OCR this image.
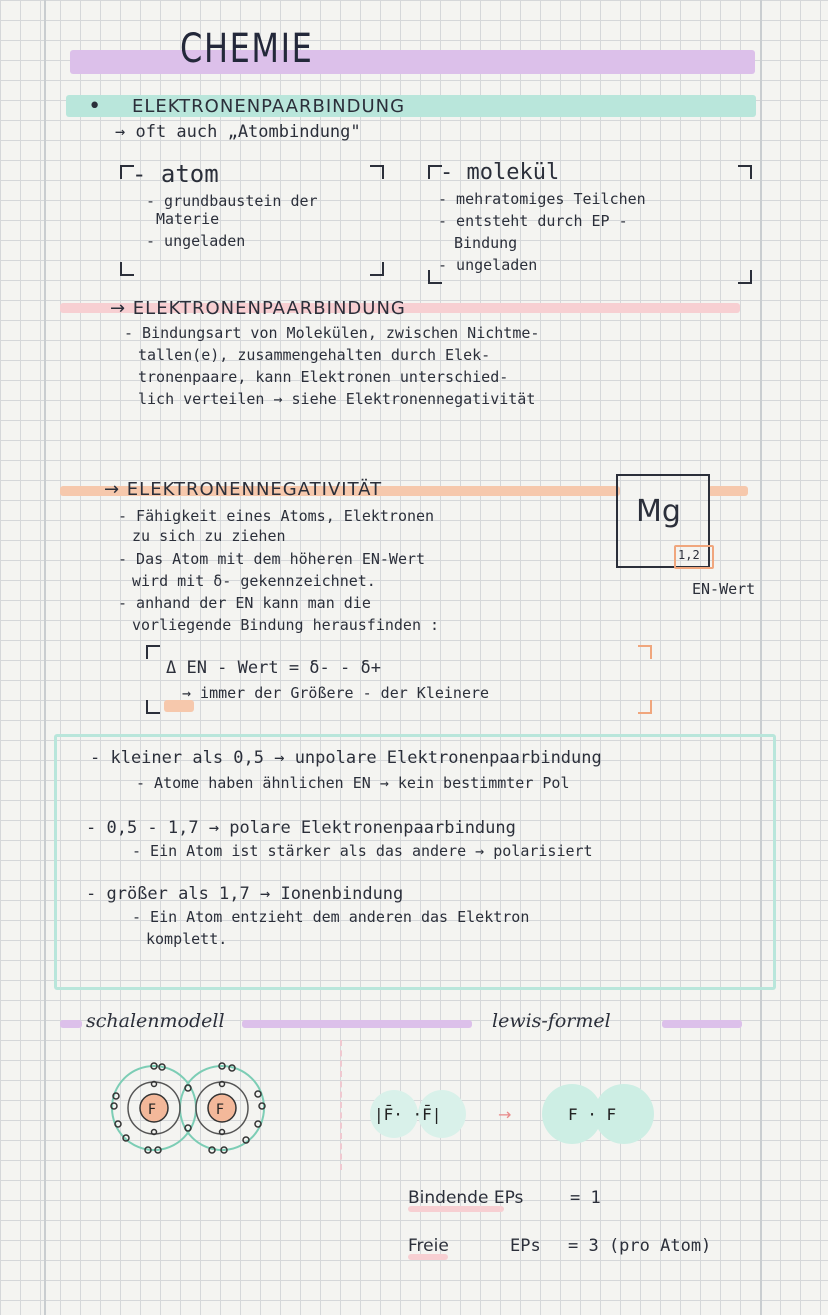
CHEMIE
• ELEKTRONENPAARBINDUNG
→ oft auch „Atombindung"
- atom
- grundbaustein der
Materie
- ungeladen
- molekül
- mehratomiges Teilchen
- entsteht durch EP -
Bindung
- ungeladen
→ ELEKTRONENPAARBINDUNG
- Bindungsart von Molekülen, zwischen Nichtme-
tallen(e), zusammengehalten durch Elek-
tronenpaare, kann Elektronen unterschied-
lich verteilen → siehe Elektronennegativität
→ ELEKTRONENNEGATIVITÄT
- Fähigkeit eines Atoms, Elektronen
zu sich zu ziehen
- Das Atom mit dem höheren EN-Wert
wird mit δ- gekennzeichnet.
- anhand der EN kann man die
vorliegende Bindung herausfinden :
Mg
1,2
EN-Wert
Δ EN - Wert = δ- - δ+
→ immer der Größere - der Kleinere
- kleiner als 0,5 → unpolare Elektronenpaarbindung
- Atome haben ähnlichen EN → kein bestimmter Pol
- 0,5 - 1,7 → polare Elektronenpaarbindung
- Ein Atom ist stärker als das andere → polarisiert
- größer als 1,7 → Ionenbindung
- Ein Atom entzieht dem anderen das Elektron
komplett.
schalenmodell	lewis-formel
F	F	|F̄· ·F̄|	→	F · F
Bindende EPs	= 1
Freie	EPs = 3 (pro Atom)
